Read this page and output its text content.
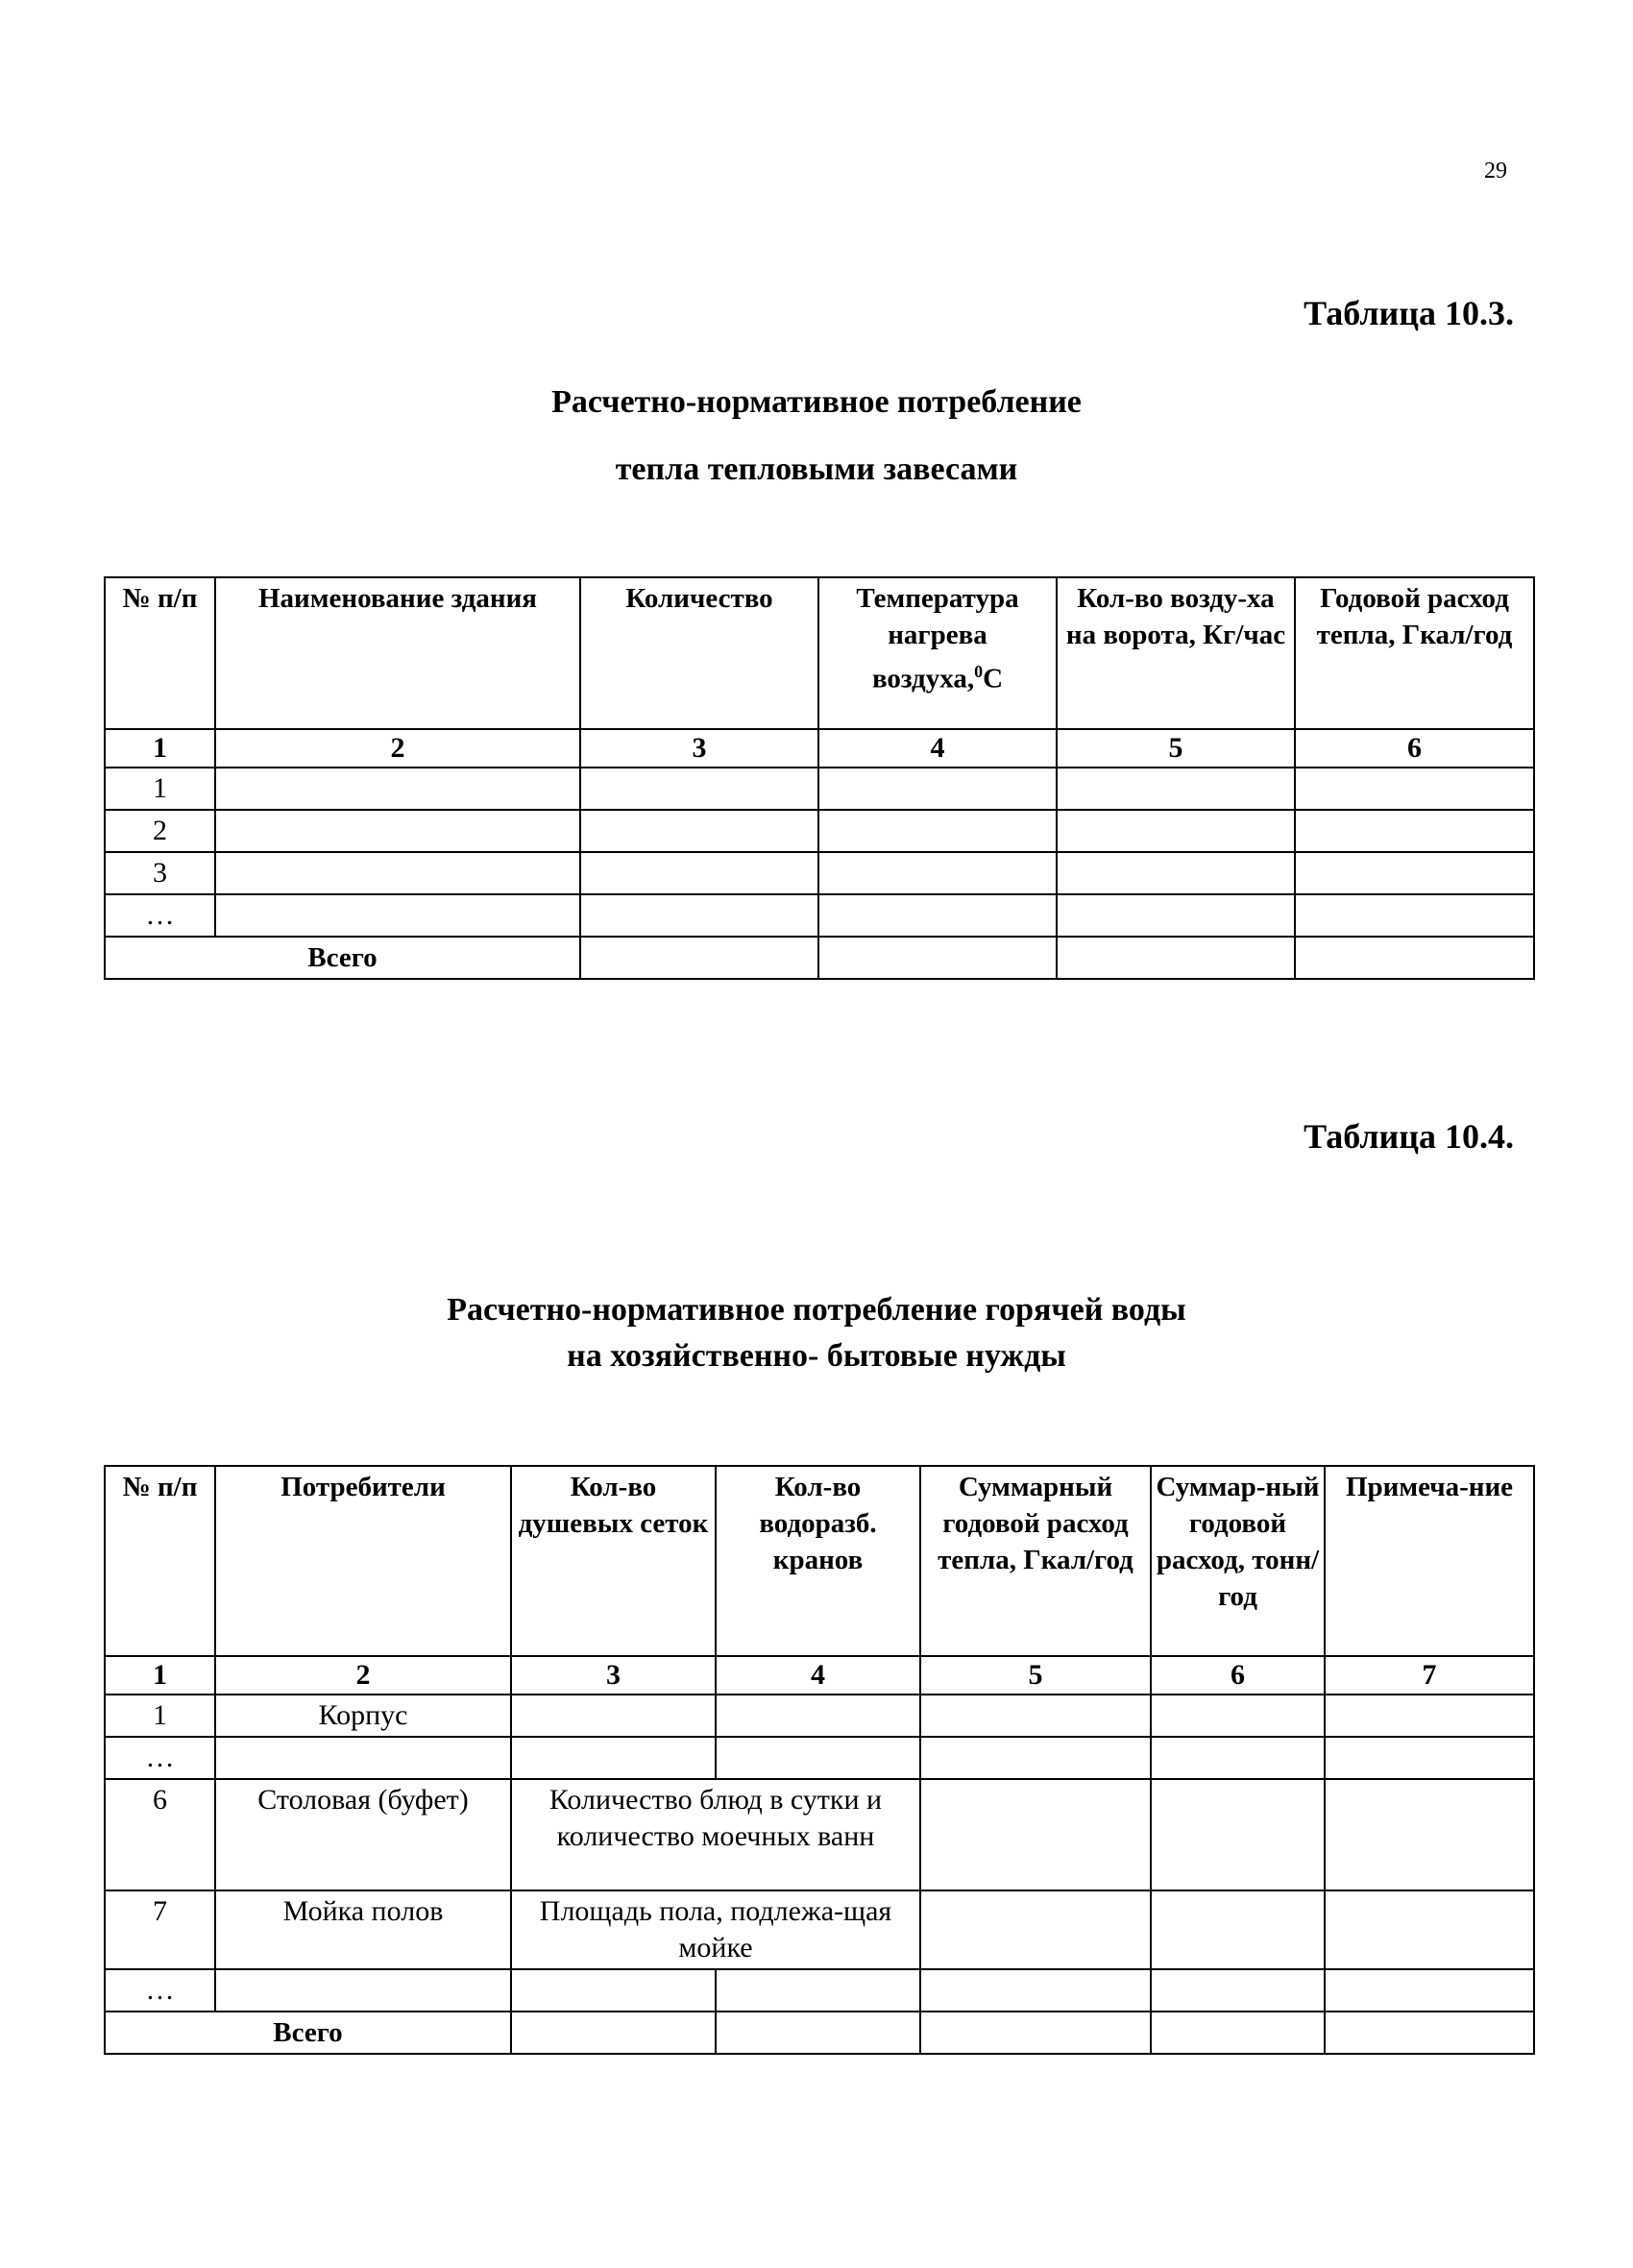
29
Таблица 10.3.
Расчетно-нормативное потребление
тепла тепловыми завесами
№ п/п	Наименование здания	Количество	Температура нагрева воздуха,$^0$С	Кол-во возду-ха на ворота, Кг/час	Годовой расход тепла, Гкал/год
1	2	3	4	5	6
1					
2					
3					
…					
Всего					
Таблица 10.4.
Расчетно-нормативное потребление горячей воды
на хозяйственно- бытовые нужды
№ п/п	Потребители	Кол-во душевых сеток	Кол-во водоразб. кранов	Суммарный годовой расход тепла, Гкал/год	Суммар-ный годовой расход, тонн/год	Примеча-ние
1	2	3	4	5	6	7
1	Корпус					
…						
6	Столовая (буфет)	Количество блюд в сутки и количество моечных ванн				
7	Мойка полов	Площадь пола, подлежа-щая мойке				
…						
Всего						
